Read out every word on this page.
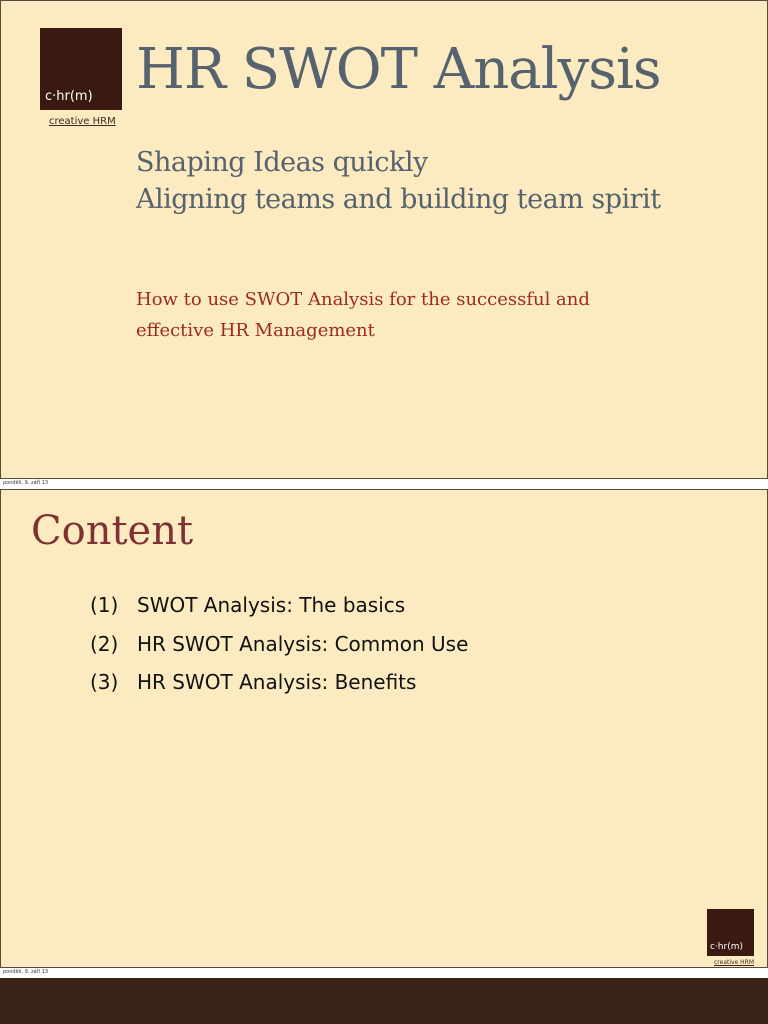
c·hr(m)
creative HRM
HR SWOT Analysis
Shaping Ideas quickly
Aligning teams and building team spirit
How to use SWOT Analysis for the successful and
effective HR Management
pondělí, 9. září 13
Content
(1) SWOT Analysis: The basics
(2) HR SWOT Analysis: Common Use
(3) HR SWOT Analysis: Benefits
c·hr(m)
creative HRM
pondělí, 9. září 13
